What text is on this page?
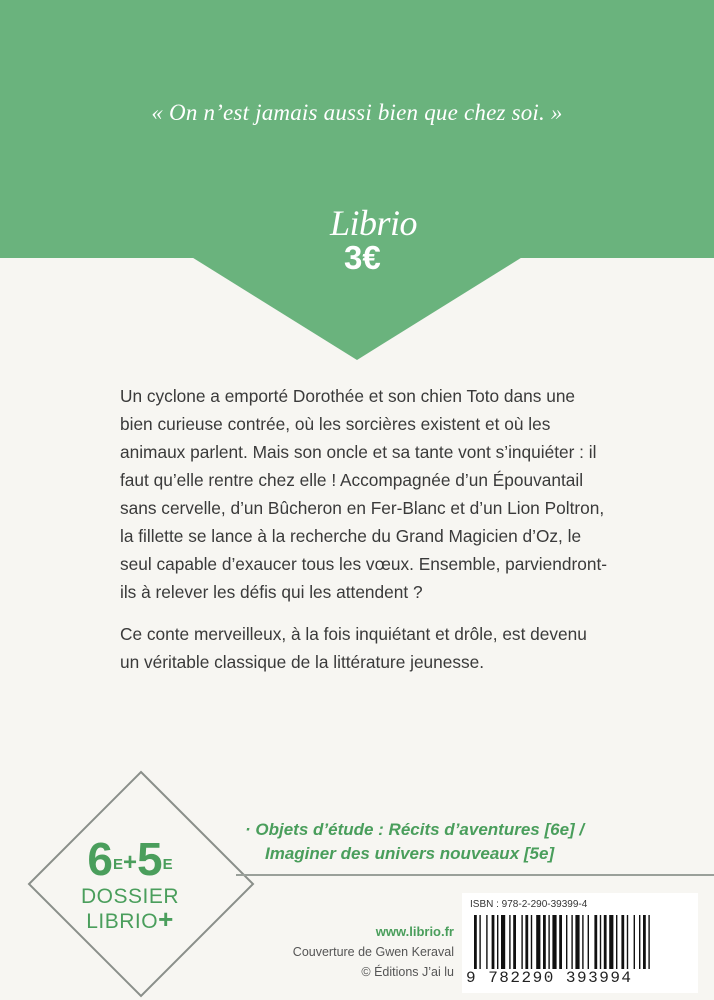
« On n’est jamais aussi bien que chez soi. »
Librio
3€

Un cyclone a emporté Dorothée et son chien Toto dans une bien curieuse contrée, où les sorcières existent et où les animaux parlent. Mais son oncle et sa tante vont s’inquiéter : il faut qu’elle rentre chez elle ! Accompagnée d’un Épouvantail sans cervelle, d’un Bûcheron en Fer-Blanc et d’un Lion Poltron, la fillette se lance à la recherche du Grand Magicien d’Oz, le seul capable d’exaucer tous les vœux. Ensemble, parviendront-ils à relever les défis qui les attendent ?

Ce conte merveilleux, à la fois inquiétant et drôle, est devenu un véritable classique de la littérature jeunesse.

$6^E+5^E$
DOSSIER
LIBRIO+
· Objets d’étude : Récits d’aventures [6e] /
Imaginer des univers nouveaux [5e]
www.librio.fr
Couverture de Gwen Keraval
© Éditions J’ai lu
ISBN : 978-2-290-39399-4
9 782290 393994
